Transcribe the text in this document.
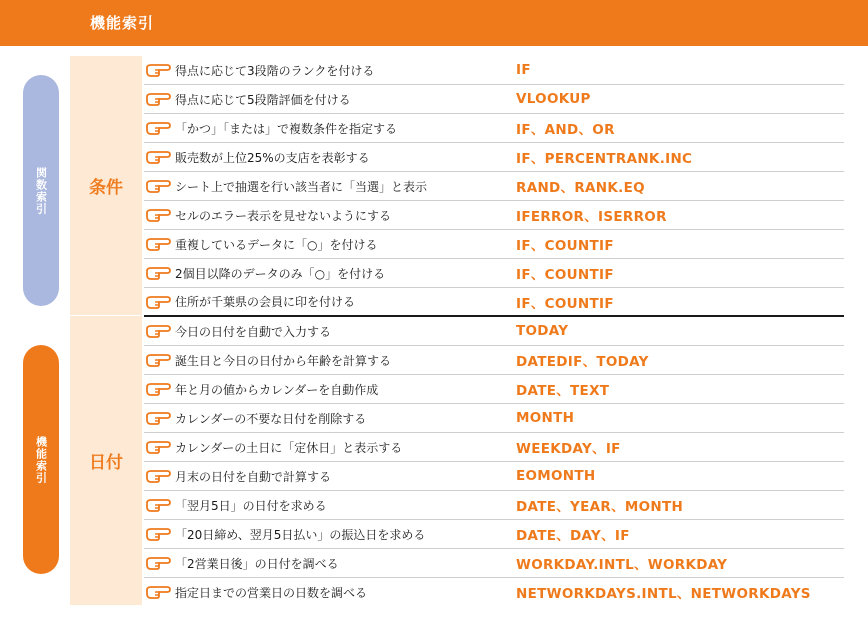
機能索引
関数索引
機能索引
条件
日付
得点に応じて3段階のランクを付ける	IF
得点に応じて5段階評価を付ける	VLOOKUP
「かつ」「または」で複数条件を指定する	IF、AND、OR
販売数が上位25%の支店を表彰する	IF、PERCENTRANK.INC
シート上で抽選を行い該当者に「当選」と表示	RAND、RANK.EQ
セルのエラー表示を見せないようにする	IFERROR、ISERROR
重複しているデータに「○」を付ける	IF、COUNTIF
2個目以降のデータのみ「○」を付ける	IF、COUNTIF
住所が千葉県の会員に印を付ける	IF、COUNTIF
今日の日付を自動で入力する	TODAY
誕生日と今日の日付から年齢を計算する	DATEDIF、TODAY
年と月の値からカレンダーを自動作成	DATE、TEXT
カレンダーの不要な日付を削除する	MONTH
カレンダーの土日に「定休日」と表示する	WEEKDAY、IF
月末の日付を自動で計算する	EOMONTH
「翌月5日」の日付を求める	DATE、YEAR、MONTH
「20日締め、翌月5日払い」の振込日を求める	DATE、DAY、IF
「2営業日後」の日付を調べる	WORKDAY.INTL、WORKDAY
指定日までの営業日の日数を調べる	NETWORKDAYS.INTL、NETWORKDAYS
